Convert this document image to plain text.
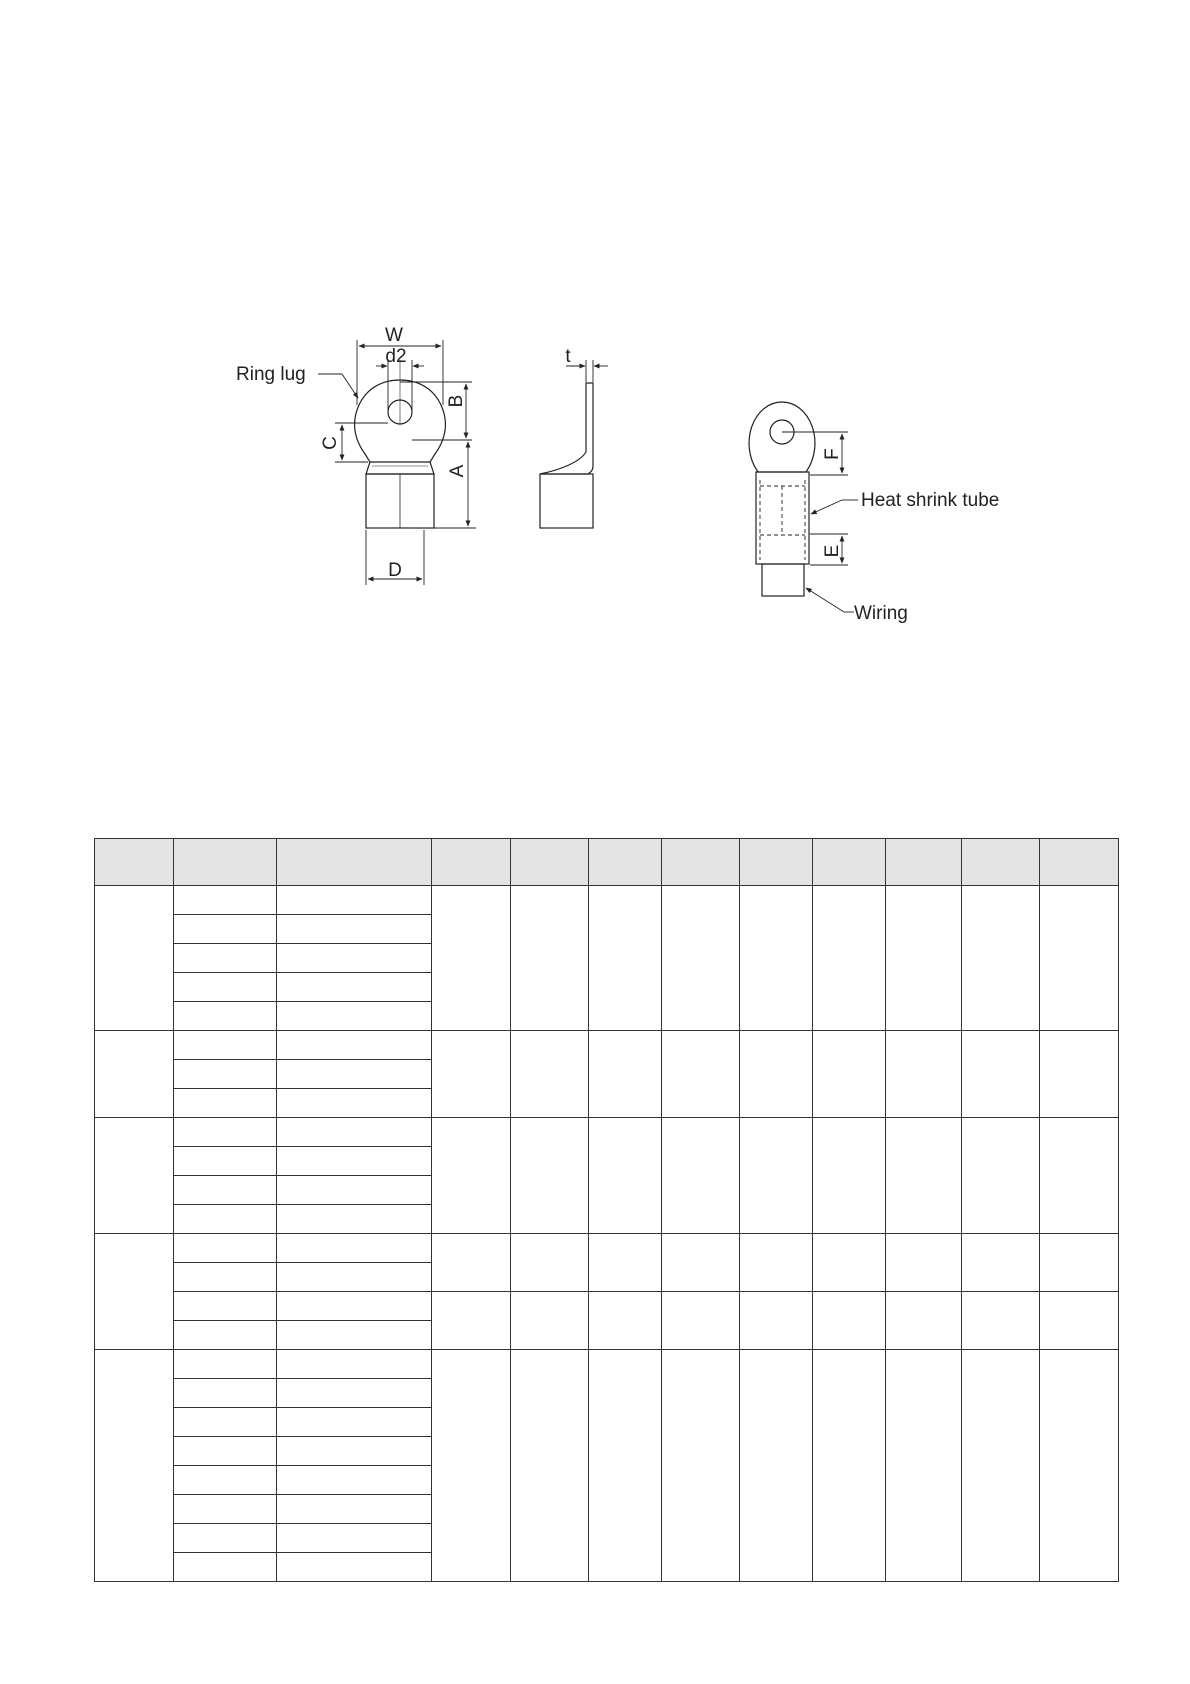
W
d2
B
A
C
D
Ring lug
t
F
E
Heat shrink tube
Wiring
